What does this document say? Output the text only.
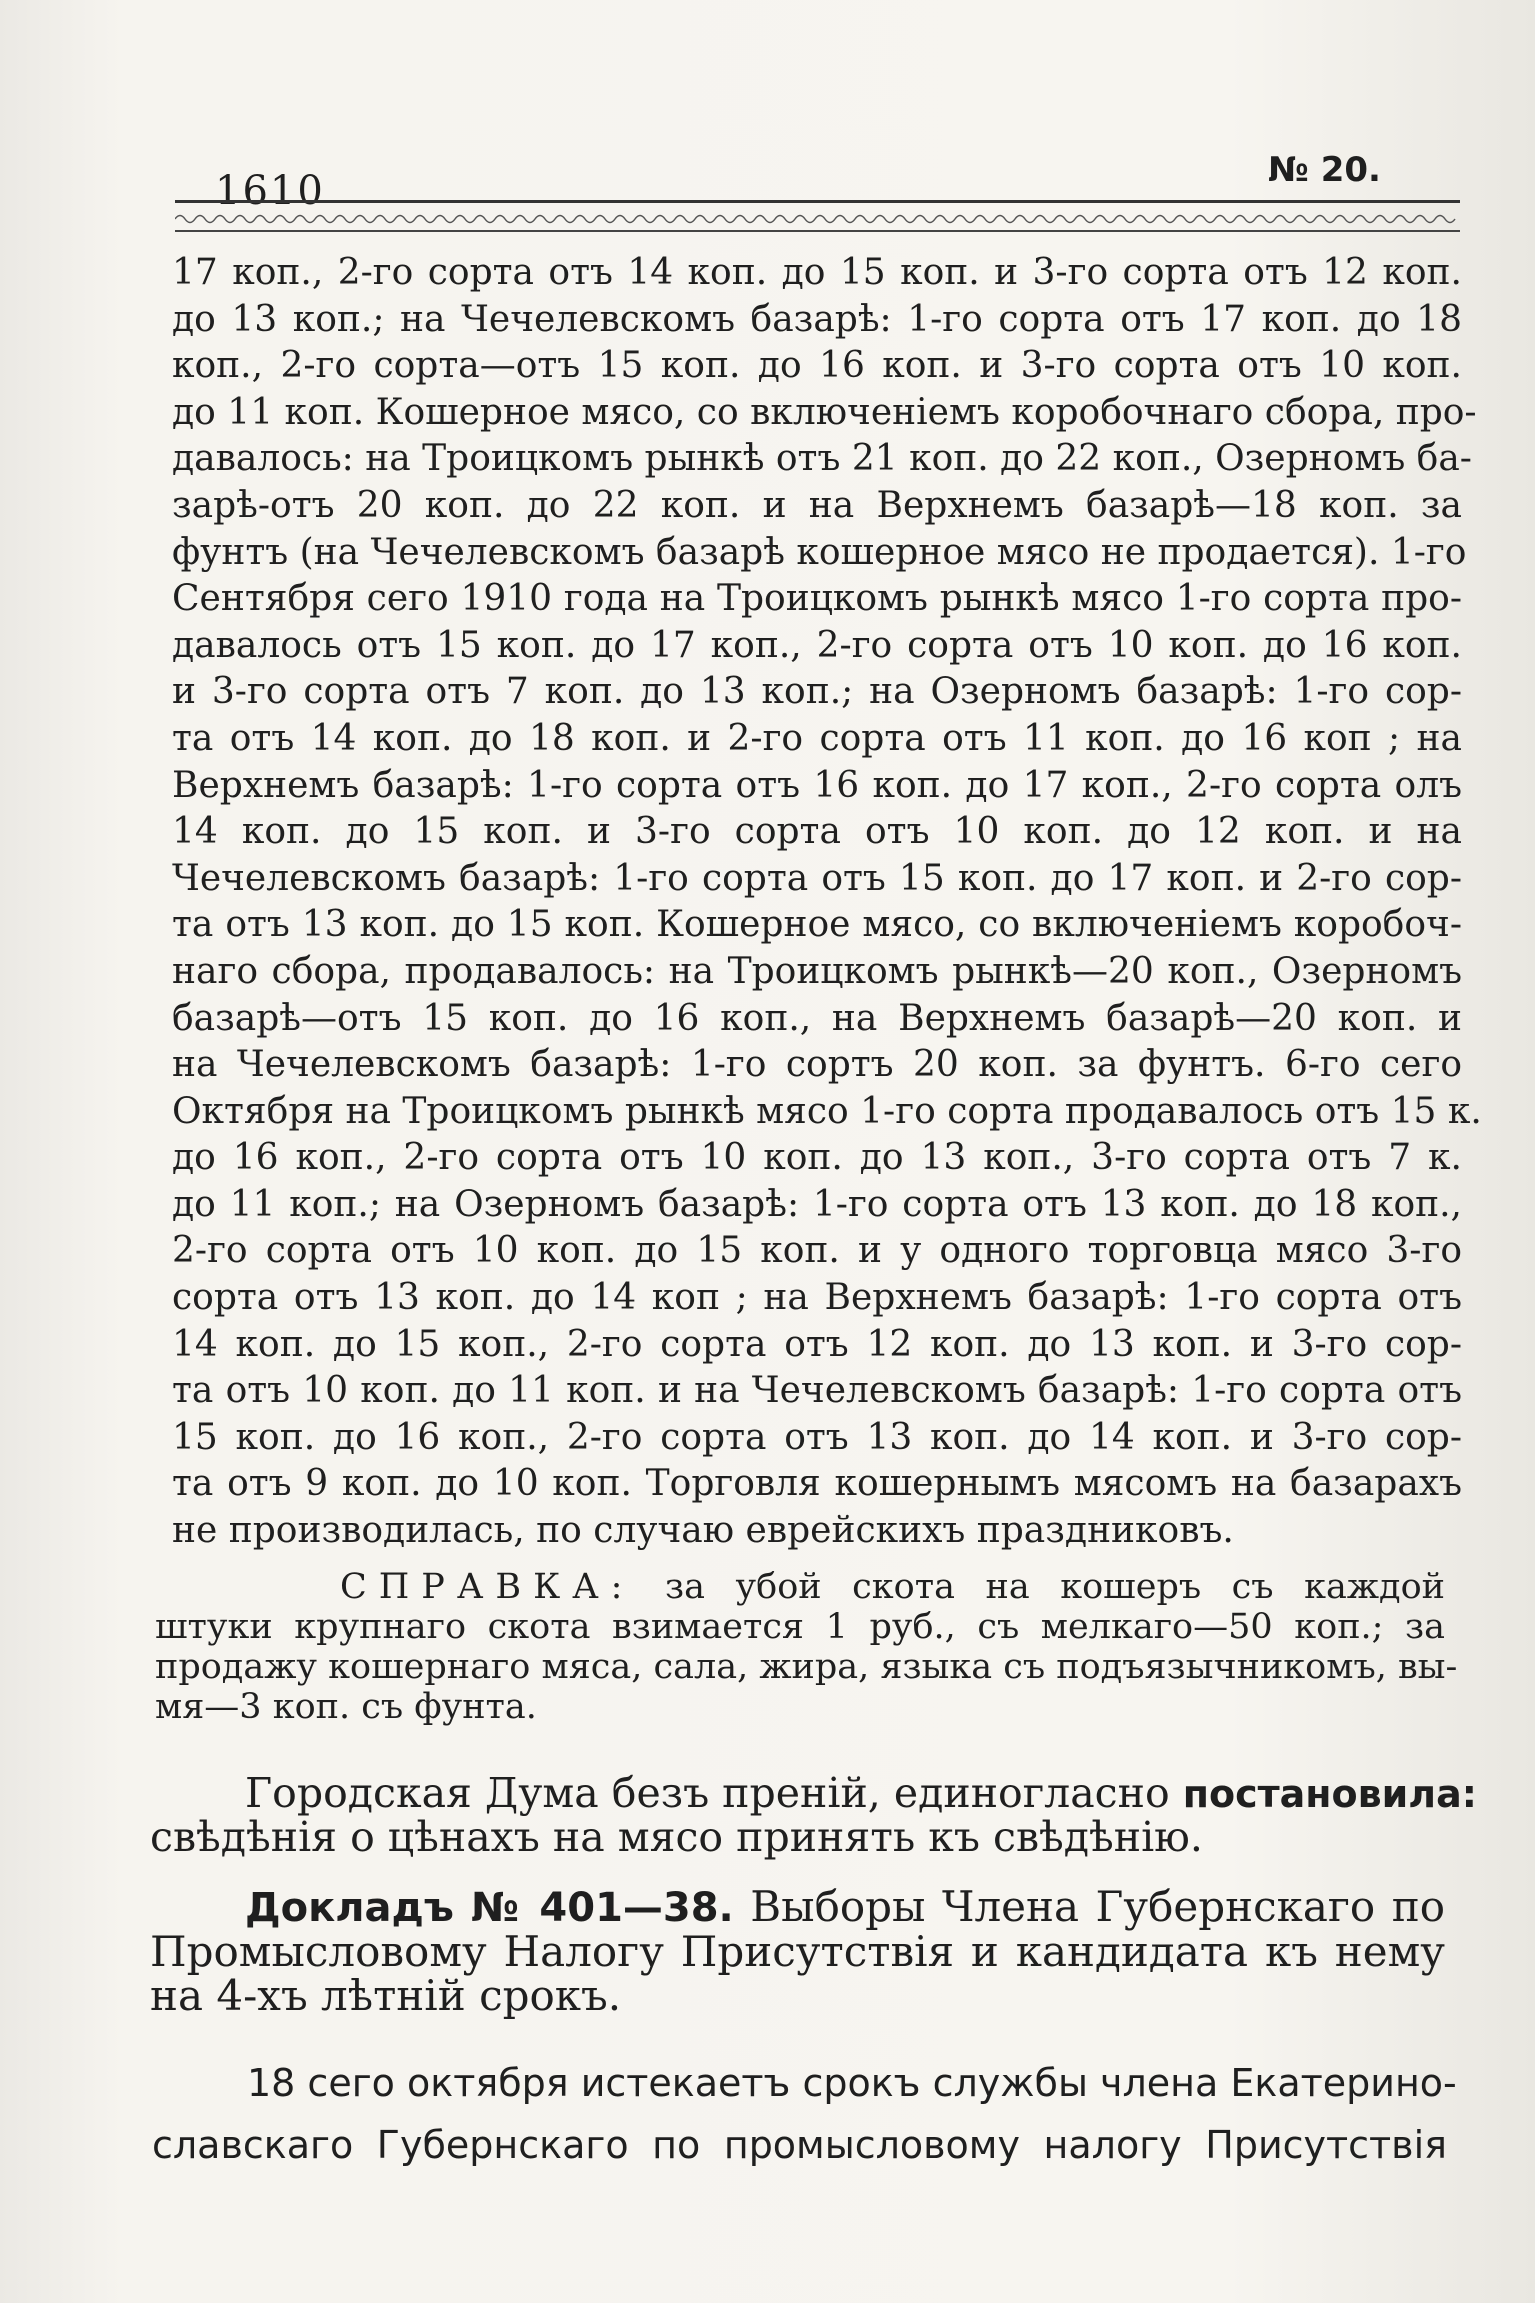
1610	№ 20.
17 коп., 2-го сорта отъ 14 коп. до 15 коп. и 3-го сорта отъ 12 коп.
до 13 коп.; на Чечелевскомъ базарѣ: 1-го сорта отъ 17 коп. до 18
коп., 2-го сорта—отъ 15 коп. до 16 коп. и 3-го сорта отъ 10 коп.
до 11 коп. Кошерное мясо, со включеніемъ коробочнаго сбора, про-
давалось: на Троицкомъ рынкѣ отъ 21 коп. до 22 коп., Озерномъ ба-
зарѣ-отъ 20 коп. до 22 коп. и на Верхнемъ базарѣ—18 коп. за
фунтъ (на Чечелевскомъ базарѣ кошерное мясо не продается). 1-го
Сентября сего 1910 года на Троицкомъ рынкѣ мясо 1-го сорта про-
давалось отъ 15 коп. до 17 коп., 2-го сорта отъ 10 коп. до 16 коп.
и 3-го сорта отъ 7 коп. до 13 коп.; на Озерномъ базарѣ: 1-го сор-
та отъ 14 коп. до 18 коп. и 2-го сорта отъ 11 коп. до 16 коп ; на
Верхнемъ базарѣ: 1-го сорта отъ 16 коп. до 17 коп., 2-го сорта олъ
14 коп. до 15 коп. и 3-го сорта отъ 10 коп. до 12 коп. и на
Чечелевскомъ базарѣ: 1-го сорта отъ 15 коп. до 17 коп. и 2-го сор-
та отъ 13 коп. до 15 коп. Кошерное мясо, со включеніемъ коробоч-
наго сбора, продавалось: на Троицкомъ рынкѣ—20 коп., Озерномъ
базарѣ—отъ 15 коп. до 16 коп., на Верхнемъ базарѣ—20 коп. и
на Чечелевскомъ базарѣ: 1-го сортъ 20 коп. за фунтъ. 6-го сего
Октября на Троицкомъ рынкѣ мясо 1-го сорта продавалось отъ 15 к.
до 16 коп., 2-го сорта отъ 10 коп. до 13 коп., 3-го сорта отъ 7 к.
до 11 коп.; на Озерномъ базарѣ: 1-го сорта отъ 13 коп. до 18 коп.,
2-го сорта отъ 10 коп. до 15 коп. и у одного торговца мясо 3-го
сорта отъ 13 коп. до 14 коп ; на Верхнемъ базарѣ: 1-го сорта отъ
14 коп. до 15 коп., 2-го сорта отъ 12 коп. до 13 коп. и 3-го сор-
та отъ 10 коп. до 11 коп. и на Чечелевскомъ базарѣ: 1-го сорта отъ
15 коп. до 16 коп., 2-го сорта отъ 13 коп. до 14 коп. и 3-го сор-
та отъ 9 коп. до 10 коп. Торговля кошернымъ мясомъ на базарахъ
не производилась, по случаю еврейскихъ праздниковъ.
СПРАВКА: за убой скота на кошеръ съ каждой
штуки крупнаго скота взимается 1 руб., съ мелкаго—50 коп.; за
продажу кошернаго мяса, сала, жира, языка съ подъязычникомъ, вы-
мя—3 коп. съ фунта.
Городская Дума безъ преній, единогласно постановила:
свѣдѣнія о цѣнахъ на мясо принять къ свѣдѣнію.
Докладъ № 401—38. Выборы Члена Губернскаго по
Промысловому Налогу Присутствія и кандидата къ нему
на 4-хъ лѣтній срокъ.
18 сего октября истекаетъ срокъ службы члена Екатерино-
славскаго Губернскаго по промысловому налогу Присутствія
